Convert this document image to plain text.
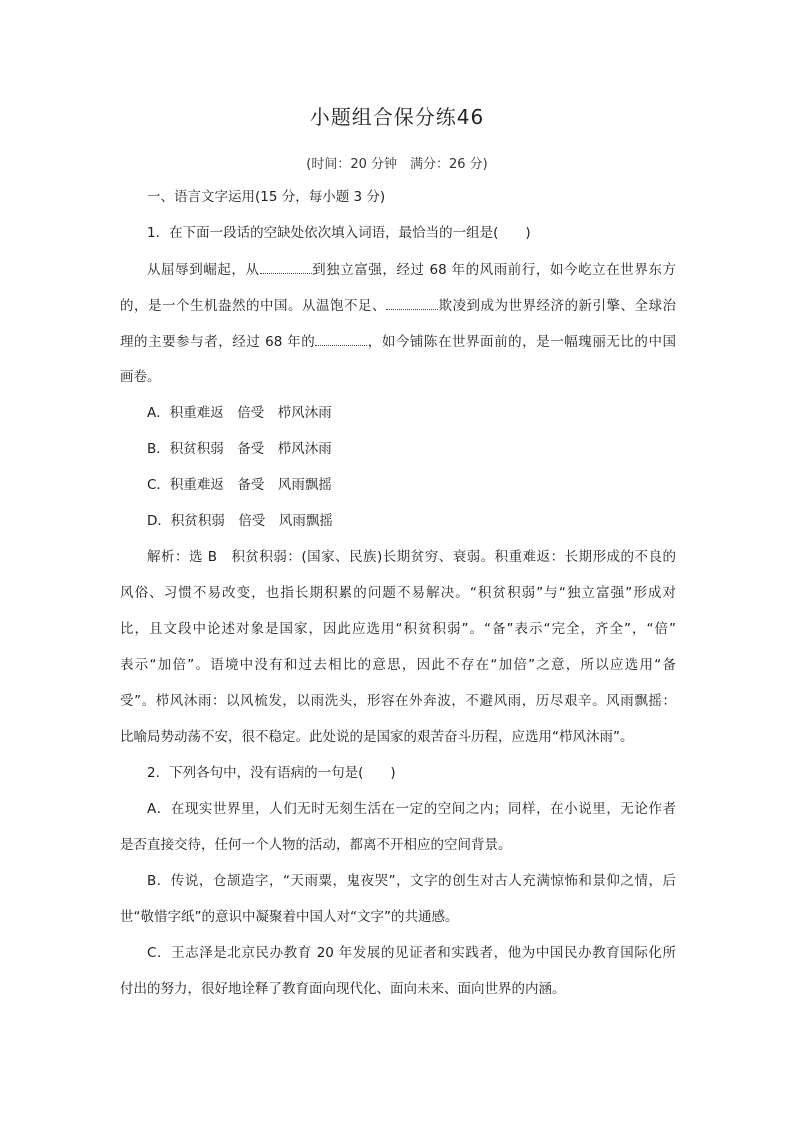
小题组合保分练46
(时间：20 分钟　满分：26 分)
一、语言文字运用(15 分，每小题 3 分)
1．在下面一段话的空缺处依次填入词语，最恰当的一组是(　　)
从屈辱到崛起，从	到独立富强，经过 68 年的风雨前行，如今屹立在世界东方
的，是一个生机盎然的中国。从温饱不足、	欺凌到成为世界经济的新引擎、全球治
理的主要参与者，经过 68 年的	，如今铺陈在世界面前的，是一幅瑰丽无比的中国
画卷。
A．积重难返　倍受　栉风沐雨
B．积贫积弱　备受　栉风沐雨
C．积重难返　备受　风雨飘摇
D．积贫积弱　倍受　风雨飘摇
解析：选 B　积贫积弱：(国家、民族)长期贫穷、衰弱。积重难返：长期形成的不良的
风俗、习惯不易改变，也指长期积累的问题不易解决。“积贫积弱”与“独立富强”形成对
比，且文段中论述对象是国家，因此应选用“积贫积弱”。“备”表示“完全，齐全”，“倍”
表示“加倍”。语境中没有和过去相比的意思，因此不存在“加倍”之意，所以应选用“备
受”。栉风沐雨：以风梳发，以雨洗头，形容在外奔波，不避风雨，历尽艰辛。风雨飘摇：
比喻局势动荡不安，很不稳定。此处说的是国家的艰苦奋斗历程，应选用“栉风沐雨”。
2．下列各句中，没有语病的一句是(　　)
A．在现实世界里，人们无时无刻生活在一定的空间之内；同样，在小说里，无论作者
是否直接交待，任何一个人物的活动，都离不开相应的空间背景。
B．传说，仓颉造字，“天雨粟，鬼夜哭”，文字的创生对古人充满惊怖和景仰之情，后
世“敬惜字纸”的意识中凝聚着中国人对“文字”的共通感。
C．王志泽是北京民办教育 20 年发展的见证者和实践者，他为中国民办教育国际化所
付出的努力，很好地诠释了教育面向现代化、面向未来、面向世界的内涵。
